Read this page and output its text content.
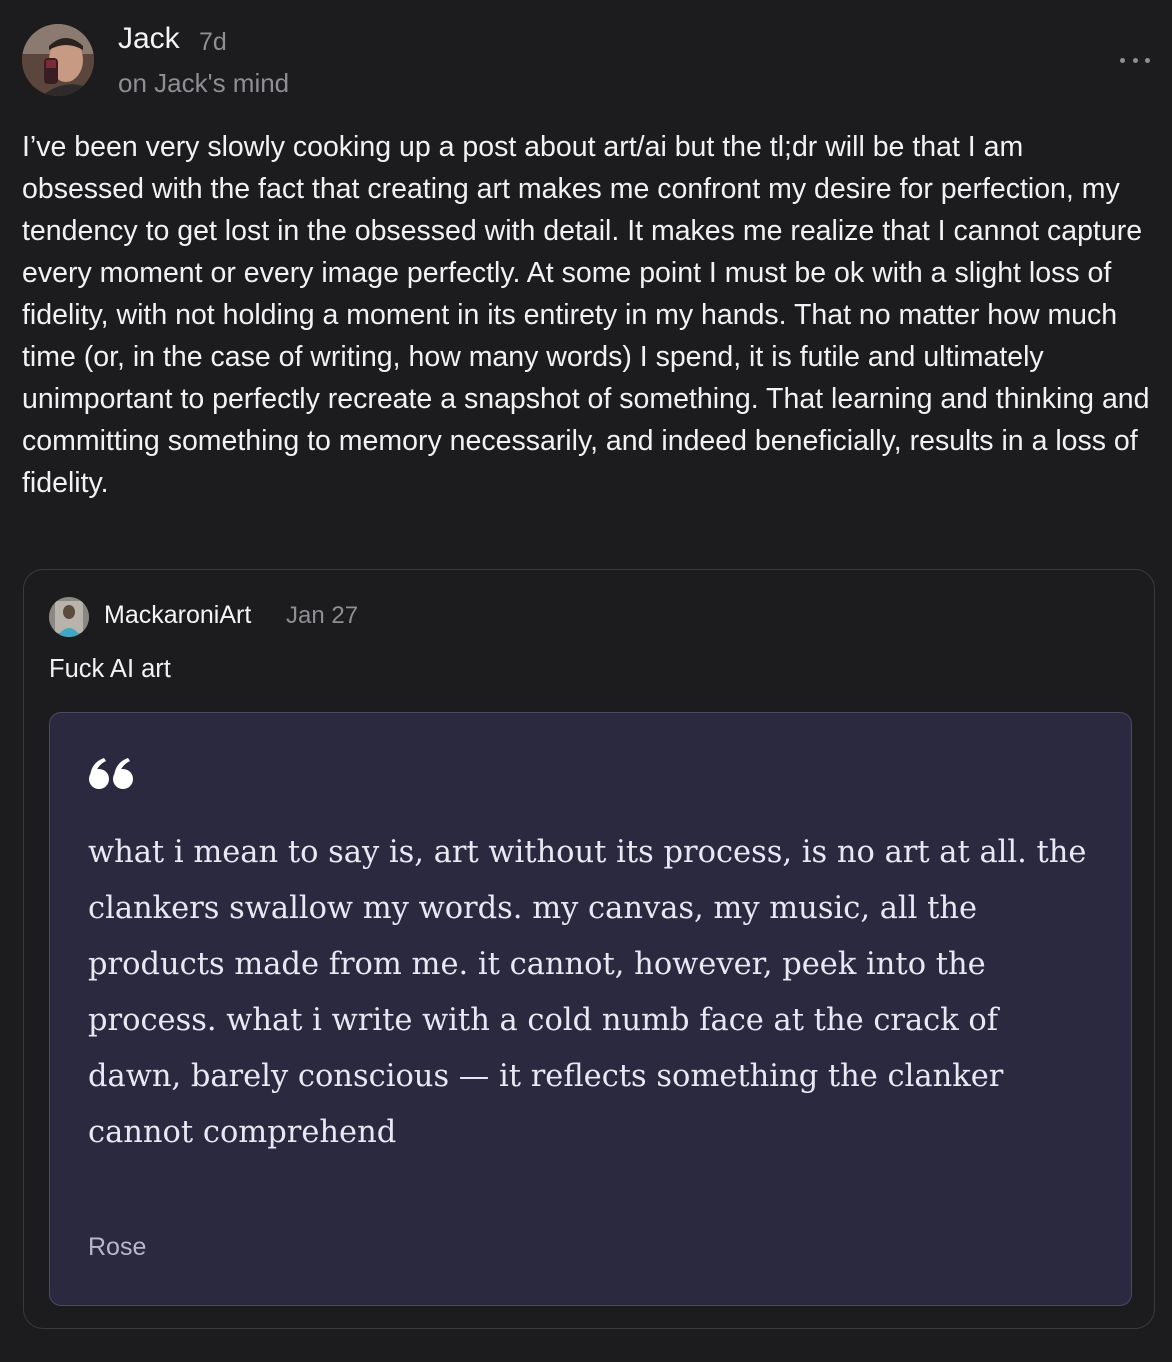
Jack 7d
on Jack's mind

I’ve been very slowly cooking up a post about art/ai but the tl;dr will be that I am obsessed with the fact that creating art makes me confront my desire for perfection, my tendency to get lost in the obsessed with detail. It makes me realize that I cannot capture every moment or every image perfectly. At some point I must be ok with a slight loss of fidelity, with not holding a moment in its entirety in my hands. That no matter how much time (or, in the case of writing, how many words) I spend, it is futile and ultimately unimportant to perfectly recreate a snapshot of something. That learning and thinking and committing something to memory necessarily, and indeed beneficially, results in a loss of fidelity.

MackaroniArt Jan 27
Fuck AI art

what i mean to say is, art without its process, is no art at all. the clankers swallow my words. my canvas, my music, all the products made from me. it cannot, however, peek into the process. what i write with a cold numb face at the crack of dawn, barely conscious — it reflects something the clanker cannot comprehend

Rose
